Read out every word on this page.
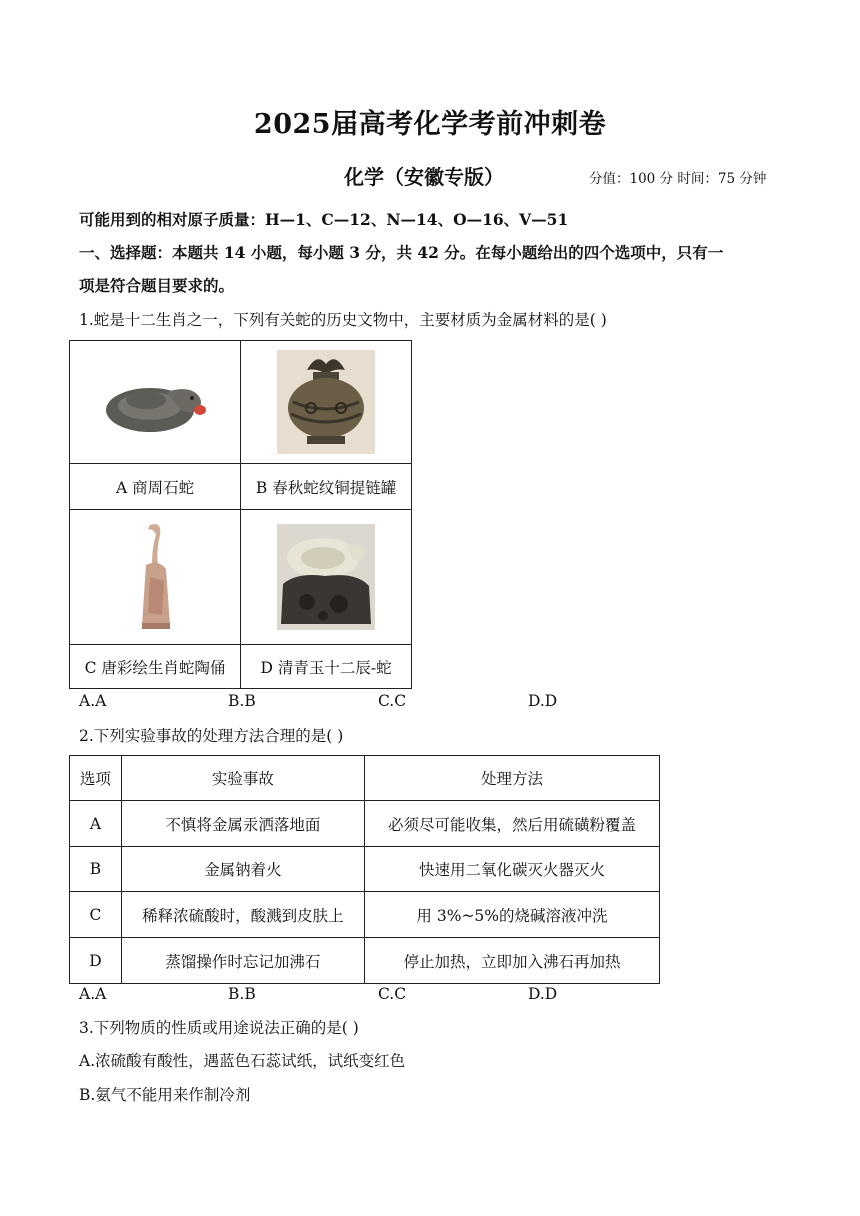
2025届高考化学考前冲刺卷
化学（安徽专版）	分值：100 分 时间：75 分钟
可能用到的相对原子质量：H—1、C—12、N—14、O—16、V—51
一、选择题：本题共 14 小题，每小题 3 分，共 42 分。在每小题给出的四个选项中，只有一
项是符合题目要求的。
1.蛇是十二生肖之一，下列有关蛇的历史文物中，主要材质为金属材料的是( )

A 商周石蛇	B 春秋蛇纹铜提链罐

C 唐彩绘生肖蛇陶俑	D 清青玉十二辰-蛇
A.A	B.B	C.C	D.D
2.下列实验事故的处理方法合理的是( )
选项	实验事故	处理方法
A	不慎将金属汞洒落地面	必须尽可能收集，然后用硫磺粉覆盖
B	金属钠着火	快速用二氧化碳灭火器灭火
C	稀释浓硫酸时，酸溅到皮肤上	用 3%~5%的烧碱溶液冲洗
D	蒸馏操作时忘记加沸石	停止加热，立即加入沸石再加热
A.A	B.B	C.C	D.D
3.下列物质的性质或用途说法正确的是( )
A.浓硫酸有酸性，遇蓝色石蕊试纸，试纸变红色
B.氨气不能用来作制冷剂
